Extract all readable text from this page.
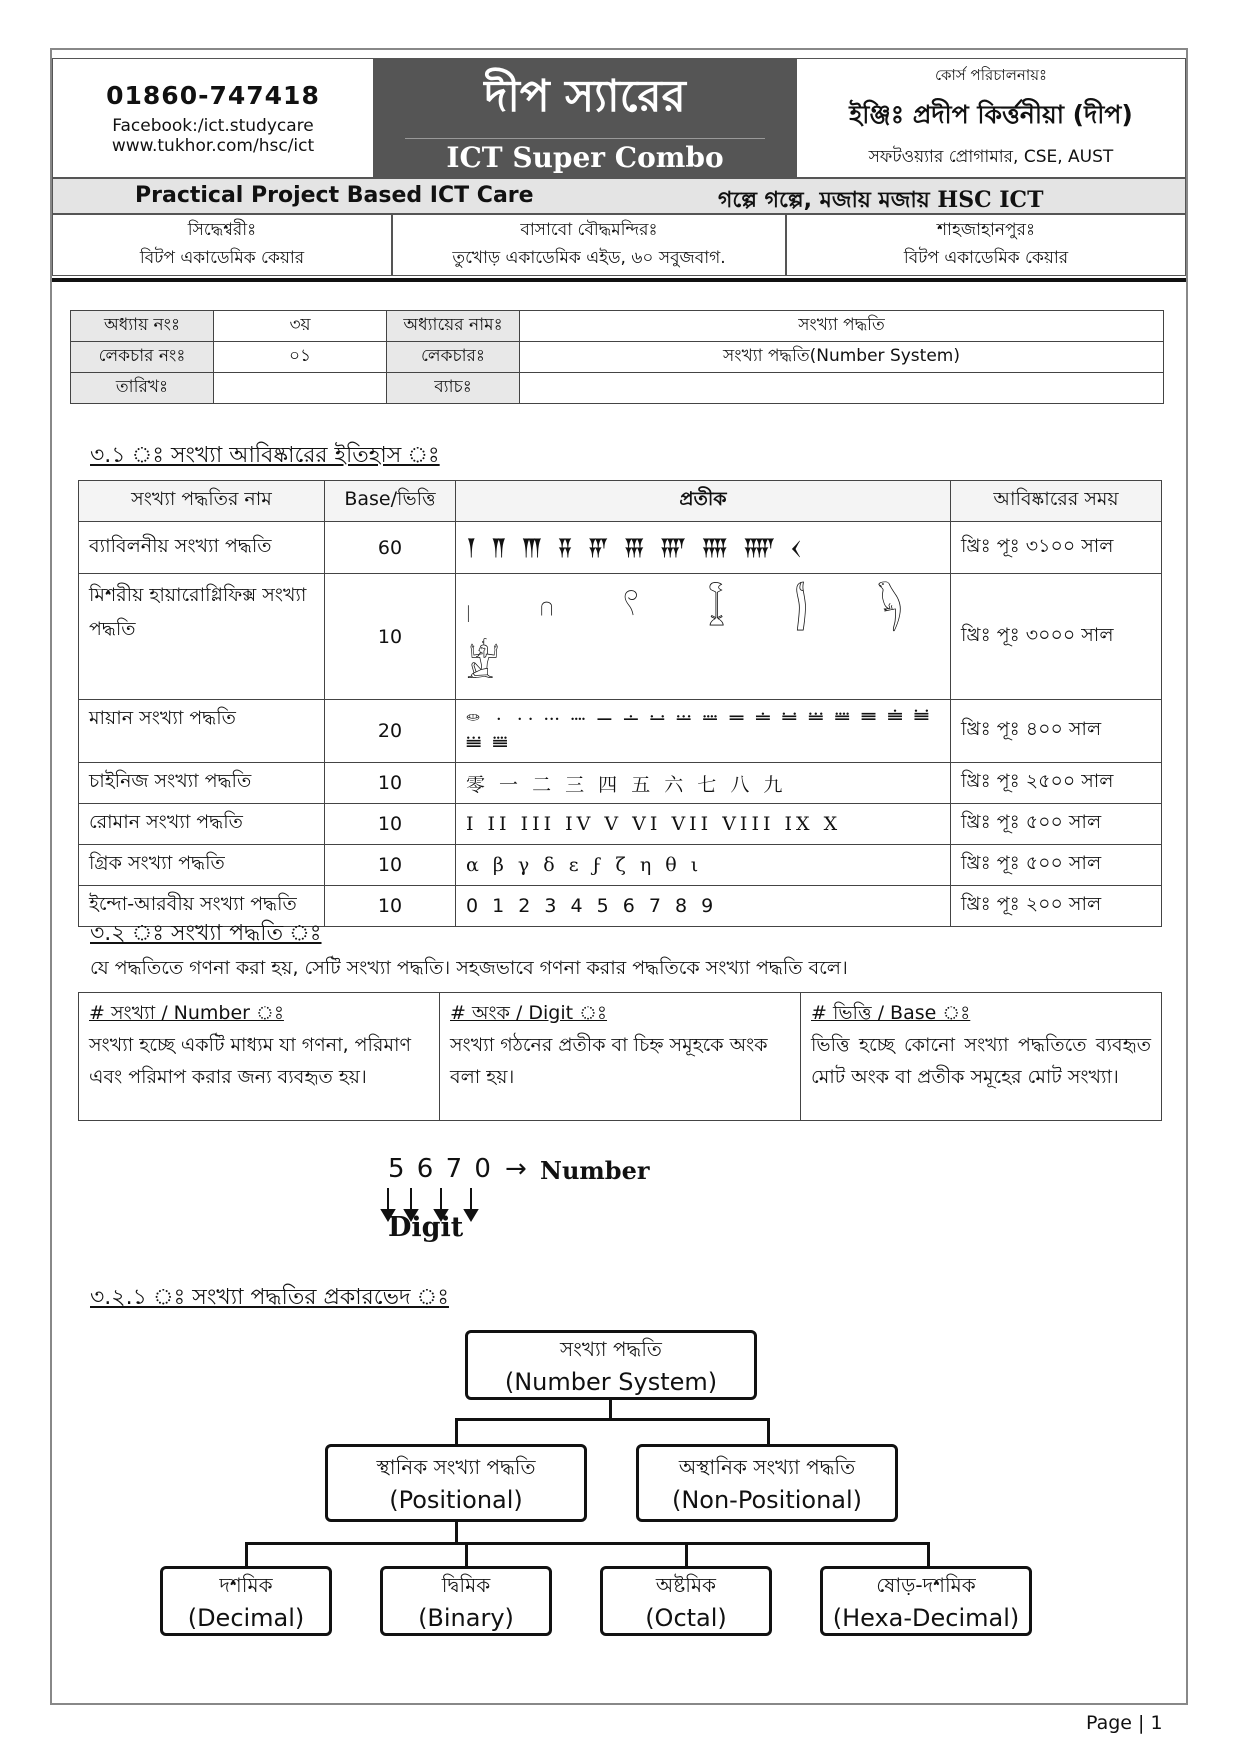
01860-747418
Facebook:/ict.studycare
www.tukhor.com/hsc/ict
দীপ স্যারের
ICT Super Combo
কোর্স পরিচালনায়ঃ
ইঞ্জিঃ প্রদীপ কির্ত্তনীয়া (দীপ)
সফটওয়্যার প্রোগামার, CSE, AUST
Practical Project Based ICT Care	গল্পে গল্পে, মজায় মজায় HSC ICT
সিদ্ধেশ্বরীঃ
বিটপ একাডেমিক কেয়ার
বাসাবো বৌদ্ধমন্দিরঃ
তুখোড় একাডেমিক এইড, ৬০ সবুজবাগ.
শাহজাহানপুরঃ
বিটপ একাডেমিক কেয়ার
অধ্যায় নংঃ	৩য়	অধ্যায়ের নামঃ	সংখ্যা পদ্ধতি
লেকচার নংঃ	০১	লেকচারঃ	সংখ্যা পদ্ধতি(Number System)
তারিখঃ		ব্যাচঃ	
৩.১ ঃ সংখ্যা আবিষ্কারের ইতিহাস ঃ
সংখ্যা পদ্ধতির নাম	Base/ভিত্তি	প্রতীক	আবিষ্কারের সময়
ব্যাবিলনীয় সংখ্যা পদ্ধতি	60	𒐕 𒐖 𒐗 𒐘 𒐙 𒐚 𒐛 𒐜 𒐝 𒌋	খ্রিঃ পূঃ ৩১০০ সাল
মিশরীয় হায়ারোগ্লিফিক্স সংখ্যা পদ্ধতি	10	𓏺 𓎆 𓍢 𓆼 𓂭 𓆐 𓁨	খ্রিঃ পূঃ ৩০০০ সাল
মায়ান সংখ্যা পদ্ধতি	20	𝋠 𝋡 𝋢 𝋣 𝋤 𝋥 𝋦 𝋧 𝋨 𝋩 𝋪 𝋫 𝋬 𝋭 𝋮 𝋯 𝋰 𝋱 𝋲 𝋳	খ্রিঃ পূঃ ৪০০ সাল
চাইনিজ সংখ্যা পদ্ধতি	10	零 一 二 三 四 五 六 七 八 九	খ্রিঃ পূঃ ২৫০০ সাল
রোমান সংখ্যা পদ্ধতি	10	I II III IV V VI VII VIII IX X	খ্রিঃ পূঃ ৫০০ সাল
গ্রিক সংখ্যা পদ্ধতি	10	α β γ δ ε ϝ ζ η θ ι	খ্রিঃ পূঃ ৫০০ সাল
ইন্দো-আরবীয় সংখ্যা পদ্ধতি	10	0 1 2 3 4 5 6 7 8 9	খ্রিঃ পূঃ ২০০ সাল
৩.২ ঃ সংখ্যা পদ্ধতি ঃ
যে পদ্ধতিতে গণনা করা হয়, সেটি সংখ্যা পদ্ধতি। সহজভাবে গণনা করার পদ্ধতিকে সংখ্যা পদ্ধতি বলে।
# সংখ্যা / Number ঃ
সংখ্যা হচ্ছে একটি মাধ্যম যা গণনা, পরিমাণ এবং পরিমাপ করার জন্য ব্যবহৃত হয়।

# অংক / Digit ঃ
সংখ্যা গঠনের প্রতীক বা চিহ্ন সমূহকে অংক বলা হয়।

# ভিত্তি / Base ঃ
ভিত্তি হচ্ছে কোনো সংখ্যা পদ্ধতিতে ব্যবহৃত মোট অংক বা প্রতীক সমূহের মোট সংখ্যা।
5 6 7 0 → Number
Digit
৩.২.১ ঃ সংখ্যা পদ্ধতির প্রকারভেদ ঃ
সংখ্যা পদ্ধতি
(Number System)
স্থানিক সংখ্যা পদ্ধতি
(Positional)
অস্থানিক সংখ্যা পদ্ধতি
(Non-Positional)
দশমিক
(Decimal)
দ্বিমিক
(Binary)
অষ্টমিক
(Octal)
ষোড়-দশমিক
(Hexa-Decimal)
Page | 1
